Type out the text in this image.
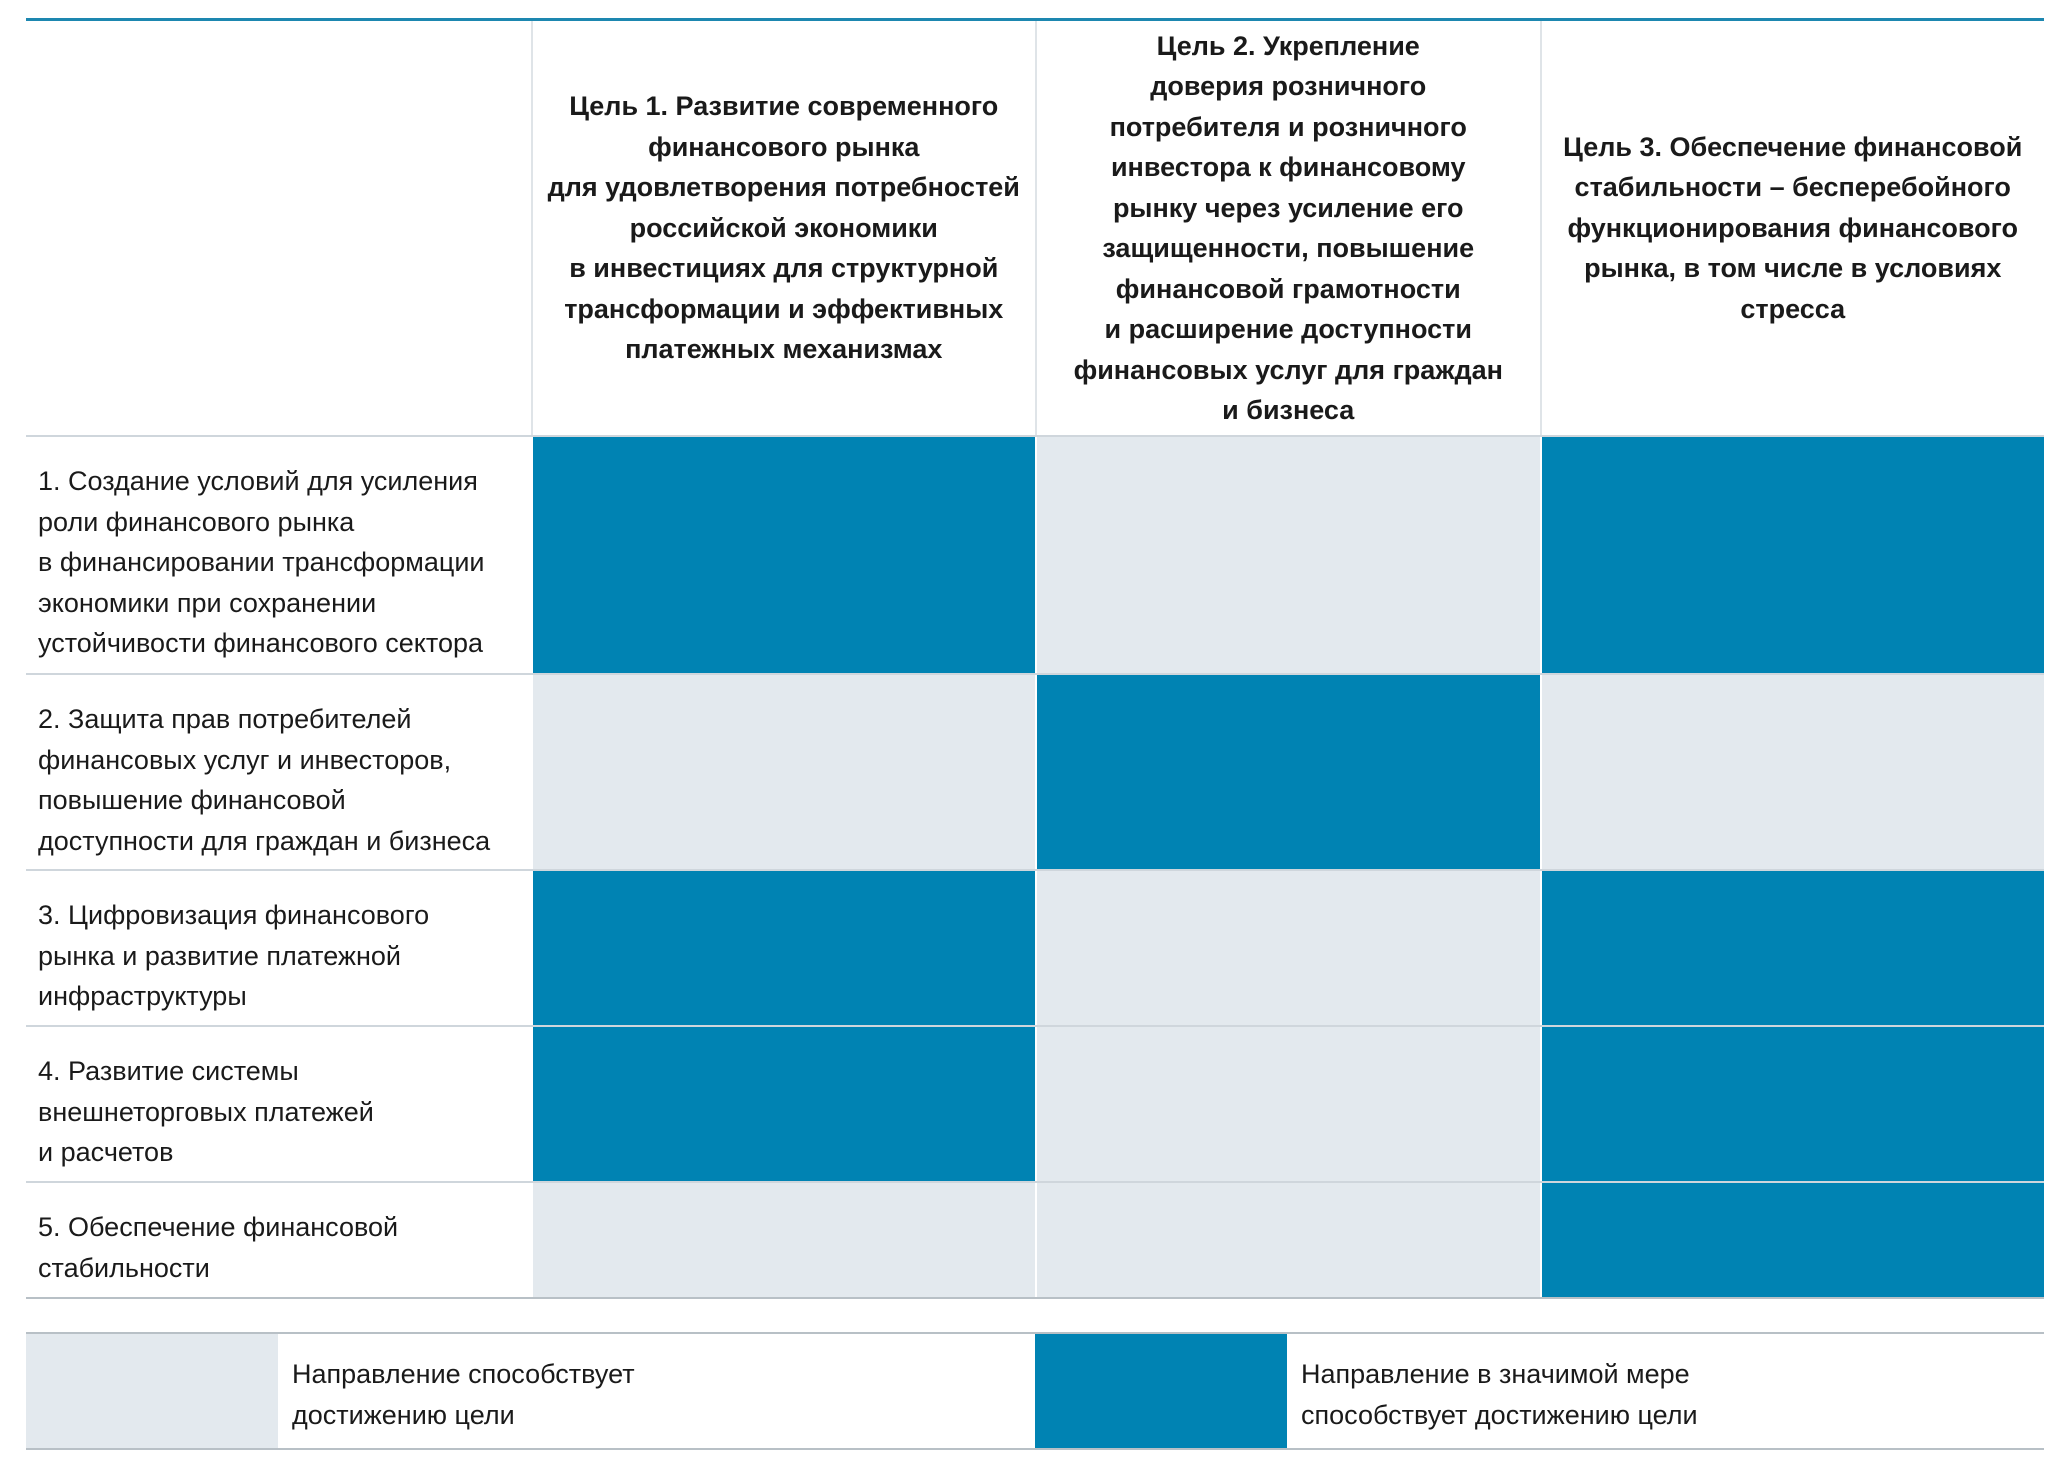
Цель 1. Развитие современного
финансового рынка
для удовлетворения потребностей
российской экономики
в инвестициях для структурной
трансформации и эффективных
платежных механизмах
Цель 2. Укрепление
доверия розничного
потребителя и розничного
инвестора к финансовому
рынку через усиление его
защищенности, повышение
финансовой грамотности
и расширение доступности
финансовых услуг для граждан
и бизнеса
Цель 3. Обеспечение финансовой
стабильности – бесперебойного
функционирования финансового
рынка, в том числе в условиях
стресса
1. Создание условий для усиления
роли финансового рынка
в финансировании трансформации
экономики при сохранении
устойчивости финансового сектора
2. Защита прав потребителей
финансовых услуг и инвесторов,
повышение финансовой
доступности для граждан и бизнеса
3. Цифровизация финансового
рынка и развитие платежной
инфраструктуры
4. Развитие системы
внешнеторговых платежей
и расчетов
5. Обеспечение финансовой
стабильности
Направление способствует
достижению цели
Направление в значимой мере
способствует достижению цели
